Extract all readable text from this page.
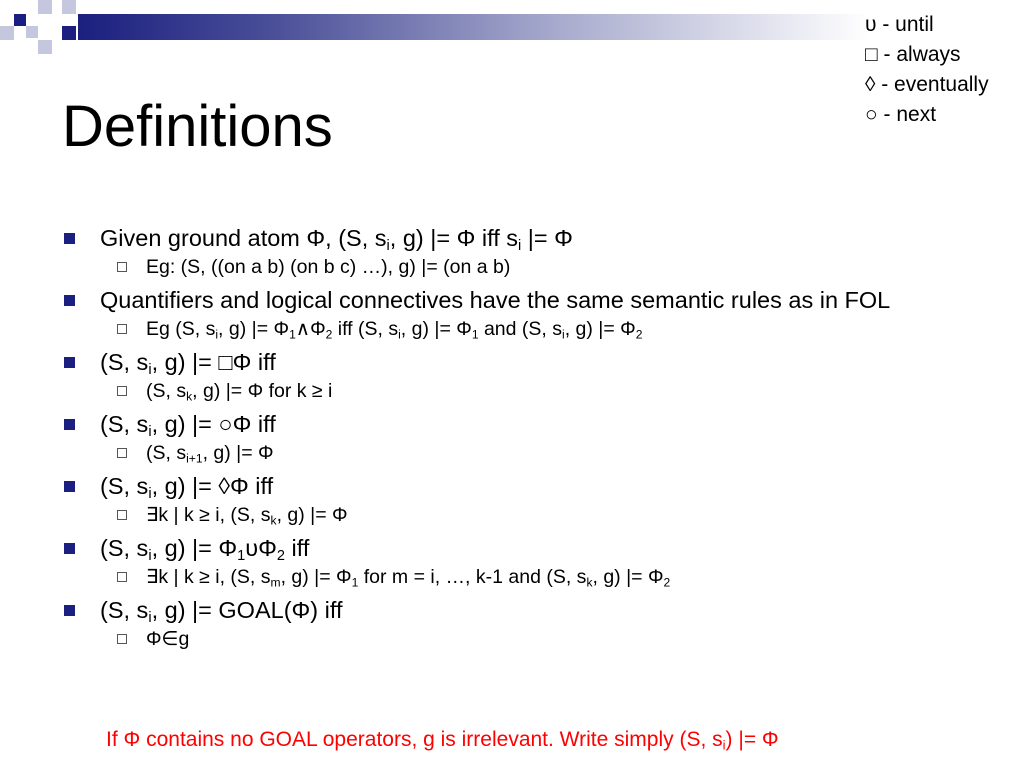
υ - until
□ - always
◊ - eventually
○ - next
Definitions
Given ground atom Φ, (S, $s_i$, g) |= Φ iff $s_i$ |= Φ
Eg: (S, ((on a b) (on b c) …), g) |= (on a b)
Quantifiers and logical connectives have the same semantic rules as in FOL
Eg (S, $s_i$, g) |= $\Phi_1\wedge\Phi_2$ iff (S, $s_i$, g) |= $\Phi_1$ and (S, $s_i$, g) |= $\Phi_2$
(S, $s_i$, g) |= □Φ iff
(S, $s_k$, g) |= Φ for k ≥ i
(S, $s_i$, g) |= ○Φ iff
(S, $s_{i+1}$, g) |= Φ
(S, $s_i$, g) |= ◊Φ iff
∃k | k ≥ i, (S, $s_k$, g) |= Φ
(S, $s_i$, g) |= $\Phi_1\upsilon\Phi_2$ iff
∃k | k ≥ i, (S, $s_m$, g) |= $\Phi_1$ for m = i, …, k-1 and (S, $s_k$, g) |= $\Phi_2$
(S, $s_i$, g) |= GOAL(Φ) iff
Φ∈g
If Φ contains no GOAL operators, g is irrelevant. Write simply (S, $s_i$) |= Φ
